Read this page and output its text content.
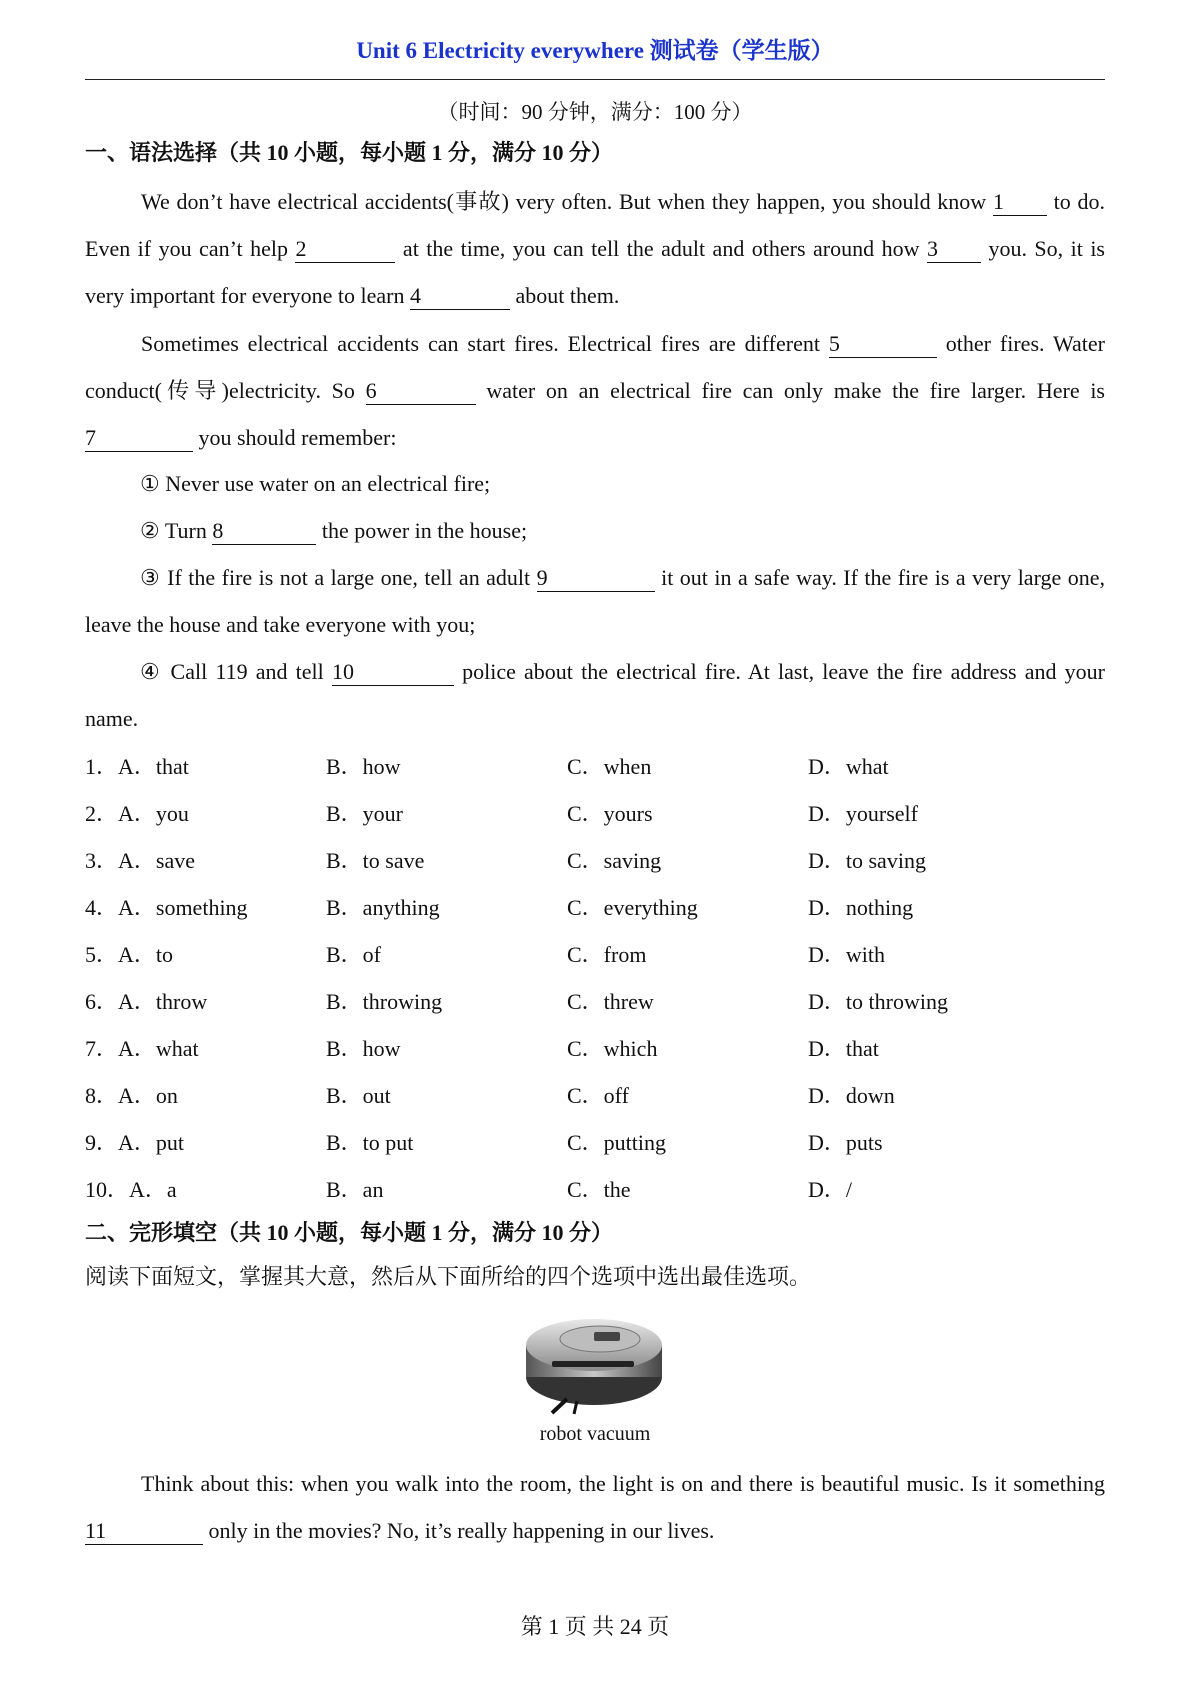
Unit 6 Electricity everywhere 测试卷（学生版）
（时间：90 分钟，满分：100 分）
一、语法选择（共 10 小题，每小题 1 分，满分 10 分）
We don’t have electrical accidents(事故) very often. But when they happen, you should know 1 to do. Even if you can’t help 2	at the time, you can tell the adult and others around how 3 you. So, it is very important for everyone to learn 4	about them.
Sometimes electrical accidents can start fires. Electrical fires are different 5	other fires. Water conduct(传导)electricity. So 6	water on an electrical fire can only make the fire larger. Here is 7	you should remember:
① Never use water on an electrical fire;
② Turn 8	the power in the house;
③ If the fire is not a large one, tell an adult 9	it out in a safe way. If the fire is a very large one, leave the house and take everyone with you;
④ Call 119 and tell 10	police about the electrical fire. At last, leave the fire address and your name.
1．A．that	B．how	C．when	D．what
2．A．you	B．your	C．yours	D．yourself
3．A．save	B．to save	C．saving	D．to saving
4．A．something	B．anything	C．everything	D．nothing
5．A．to	B．of	C．from	D．with
6．A．throw	B．throwing	C．threw	D．to throwing
7．A．what	B．how	C．which	D．that
8．A．on	B．out	C．off	D．down
9．A．put	B．to put	C．putting	D．puts
10．A．a	B．an	C．the	D．/
二、完形填空（共 10 小题，每小题 1 分，满分 10 分）
阅读下面短文，掌握其大意，然后从下面所给的四个选项中选出最佳选项。
robot vacuum
Think about this: when you walk into the room, the light is on and there is beautiful music. Is it something 11	only in the movies? No, it’s really happening in our lives.
第 1 页 共 24 页
